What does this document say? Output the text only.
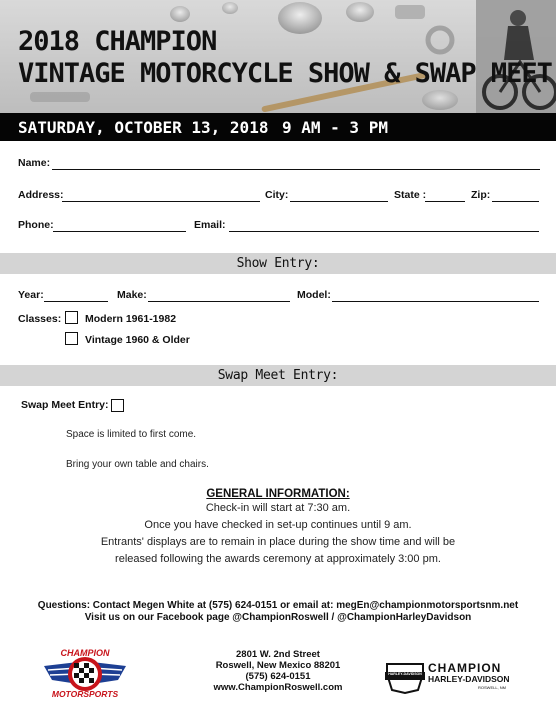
2018 CHAMPION
VINTAGE MOTORCYCLE SHOW & SWAP MEET
SATURDAY, OCTOBER 13, 2018 9 AM - 3 PM
Name:
Address:	City:	State :	Zip:
Phone:	Email:
Show Entry:
Year:	Make:	Model:
Classes: Modern 1961-1982
Vintage 1960 & Older
Swap Meet Entry:
Swap Meet Entry:
Space is limited to first come.
Bring your own table and chairs.
GENERAL INFORMATION:
Check-in will start at 7:30 am.
Once you have checked in set-up continues until 9 am.
Entrants' displays are to remain in place during the show time and will be
released following the awards ceremony at approximately 3:00 pm.
Questions: Contact Megen White at (575) 624-0151 or email at: megEn@championmotorsportsnm.net
Visit us on our Facebook page @ChampionRoswell / @ChampionHarleyDavidson
CHAMPION
MOTORSPORTS
2801 W. 2nd Street
Roswell, New Mexico 88201
(575) 624-0151
www.ChampionRoswell.com
HARLEY-DAVIDSON CHAMPION
HARLEY-DAVIDSON
ROSWELL, NM
